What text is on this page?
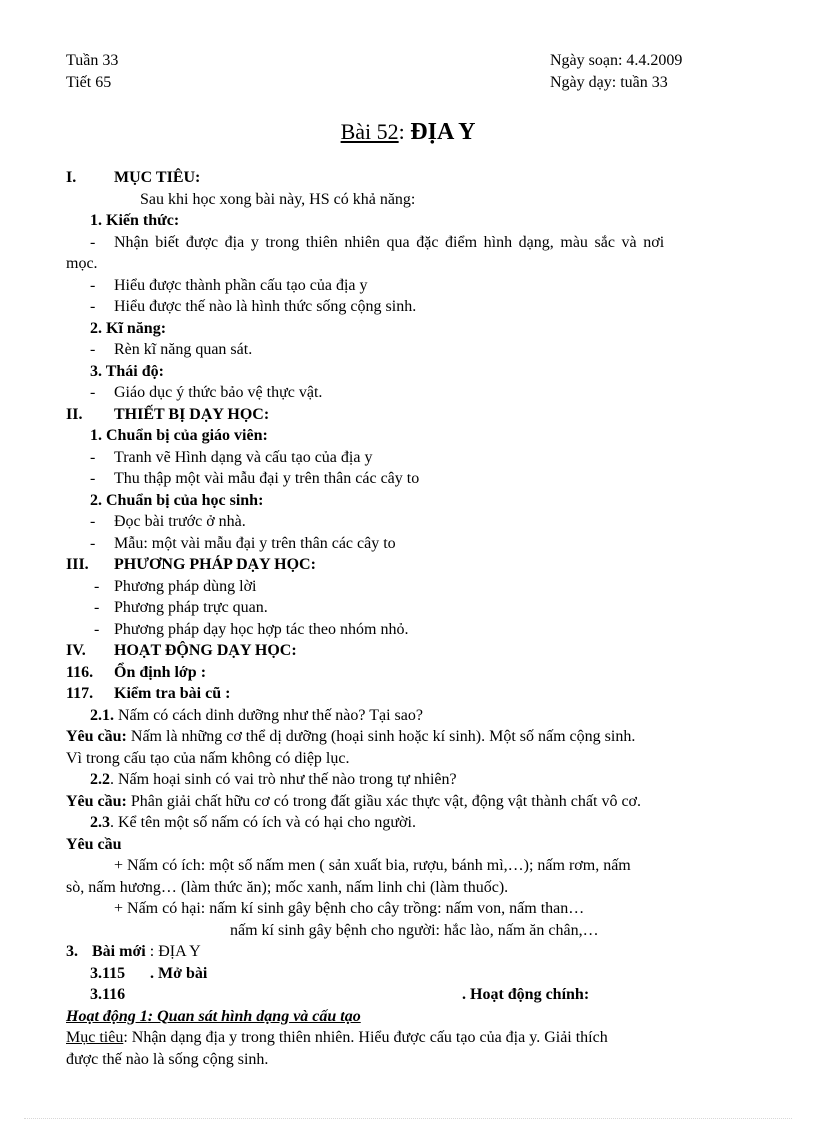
Tuần 33
Tiết 65
Ngày soạn: 4.4.2009
Ngày dạy: tuần 33
Bài 52: ĐỊA Y
I. MỤC TIÊU:
Sau khi học xong bài này, HS có khả năng:
1. Kiến thức:
- Nhận biết được địa y trong thiên nhiên qua đặc điểm hình dạng, màu sắc và nơi
mọc.
- Hiểu được thành phần cấu tạo của địa y
- Hiểu được thế nào là hình thức sống cộng sinh.
2. Kĩ năng:
- Rèn kĩ năng quan sát.
3. Thái độ:
- Giáo dục ý thức bảo vệ thực vật.
II. THIẾT BỊ DẠY HỌC:
1. Chuẩn bị của giáo viên:
- Tranh vẽ Hình dạng và cấu tạo của địa y
- Thu thập một vài mẫu đại y trên thân các cây to
2. Chuẩn bị của học sinh:
- Đọc bài trước ở nhà.
- Mẫu: một vài mẫu đại y trên thân các cây to
III. PHƯƠNG PHÁP DẠY HỌC:
- Phương pháp dùng lời
- Phương pháp trực quan.
- Phương pháp dạy học hợp tác theo nhóm nhỏ.
IV. HOẠT ĐỘNG DẠY HỌC:
116. Ổn định lớp :
117. Kiểm tra bài cũ :
2.1. Nấm có cách dinh dưỡng như thế nào? Tại sao?
Yêu cầu: Nấm là những cơ thể dị dưỡng (hoại sinh hoặc kí sinh). Một số nấm cộng sinh.
Vì trong cấu tạo của nấm không có diệp lục.
2.2. Nấm hoại sinh có vai trò như thế nào trong tự nhiên?
Yêu cầu: Phân giải chất hữu cơ có trong đất giầu xác thực vật, động vật thành chất vô cơ.
2.3. Kể tên một số nấm có ích và có hại cho người.
Yêu cầu
+ Nấm có ích: một số nấm men ( sản xuất bia, rượu, bánh mì,…); nấm rơm, nấm
sò, nấm hương… (làm thức ăn); mốc xanh, nấm linh chi (làm thuốc).
+ Nấm có hại: nấm kí sinh gây bệnh cho cây trồng: nấm von, nấm than…
nấm kí sinh gây bệnh cho người: hắc lào, nấm ăn chân,…
3. Bài mới : ĐỊA Y
3.115 . Mở bài
3.116	. Hoạt động chính:
Hoạt động 1: Quan sát hình dạng và cấu tạo
Mục tiêu: Nhận dạng địa y trong thiên nhiên. Hiểu được cấu tạo của địa y. Giải thích
được thế nào là sống cộng sinh.
